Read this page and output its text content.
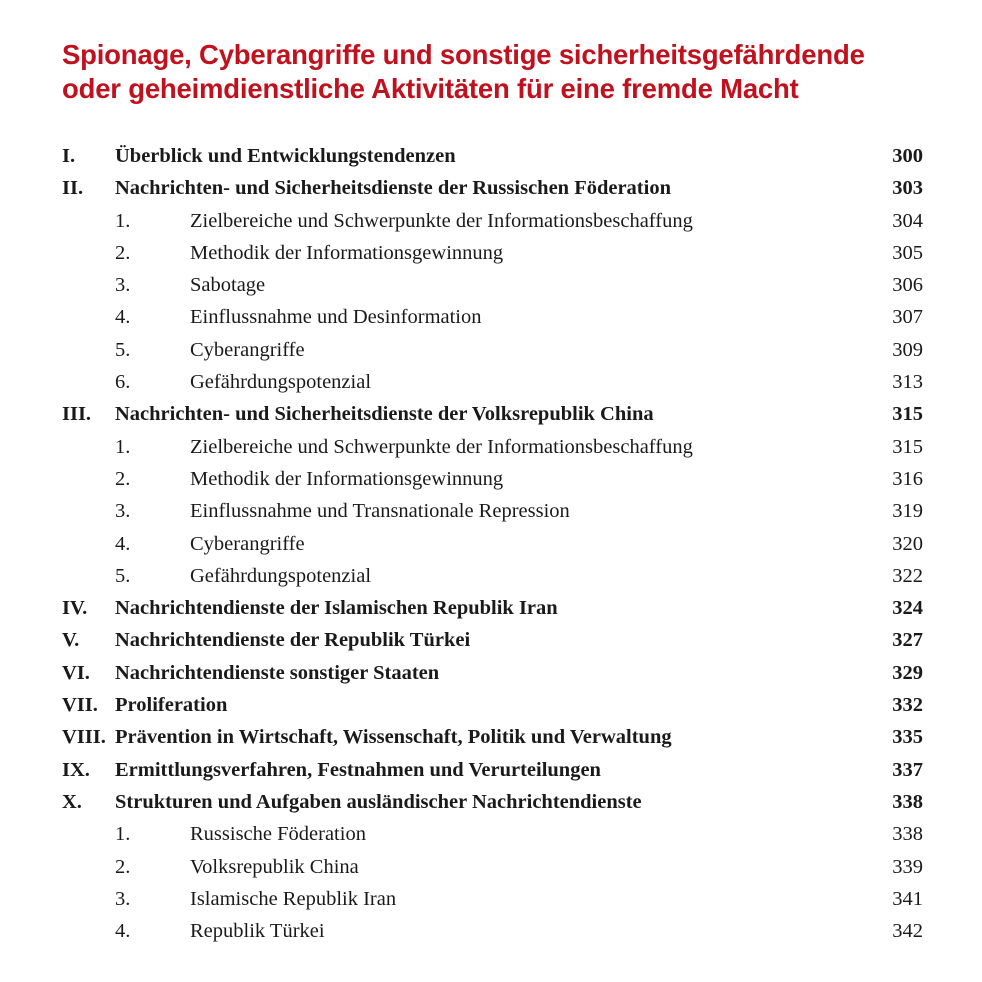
Spionage, Cyberangriffe und sonstige sicherheitsgefährdende
oder geheimdienstliche Aktivitäten für eine fremde Macht
I. Überblick und Entwicklungstendenzen	300
II. Nachrichten- und Sicherheitsdienste der Russischen Föderation	303
1.	Zielbereiche und Schwerpunkte der Informationsbeschaffung	304
2.	Methodik der Informationsgewinnung	305
3.	Sabotage	306
4.	Einflussnahme und Desinformation	307
5.	Cyberangriffe	309
6.	Gefährdungspotenzial	313
III. Nachrichten- und Sicherheitsdienste der Volksrepublik China	315
1.	Zielbereiche und Schwerpunkte der Informationsbeschaffung	315
2.	Methodik der Informationsgewinnung	316
3.	Einflussnahme und Transnationale Repression	319
4.	Cyberangriffe	320
5.	Gefährdungspotenzial	322
IV. Nachrichtendienste der Islamischen Republik Iran	324
V. Nachrichtendienste der Republik Türkei	327
VI. Nachrichtendienste sonstiger Staaten	329
VII. Proliferation	332
VIII. Prävention in Wirtschaft, Wissenschaft, Politik und Verwaltung	335
IX. Ermittlungsverfahren, Festnahmen und Verurteilungen	337
X. Strukturen und Aufgaben ausländischer Nachrichtendienste	338
1.	Russische Föderation	338
2.	Volksrepublik China	339
3.	Islamische Republik Iran	341
4.	Republik Türkei	342
